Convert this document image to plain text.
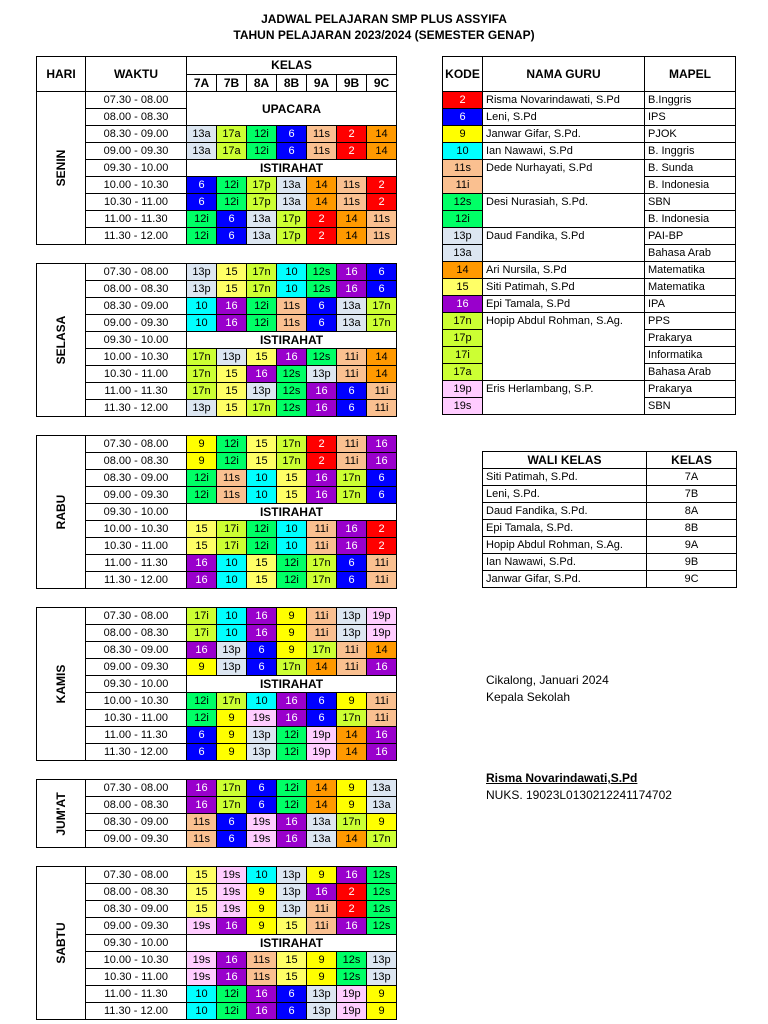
JADWAL PELAJARAN SMP PLUS ASSYIFA
TAHUN PELAJARAN 2023/2024 (SEMESTER GENAP)
HARI	WAKTU	KELAS						
		7A	7B	8A	8B	9A	9B	9C

SENIN	07.30 - 08.00	UPACARA						
	08.00 - 08.30							
	08.30 - 09.00	13a	17a	12i	6	11s	2	14
	09.00 - 09.30	13a	17a	12i	6	11s	2	14
	09.30 - 10.00	ISTIRAHAT						
	10.00 - 10.30	6	12i	17p	13a	14	11s	2
	10.30 - 11.00	6	12i	17p	13a	14	11s	2
	11.00 - 11.30	12i	6	13a	17p	2	14	11s
	11.30 - 12.00	12i	6	13a	17p	2	14	11s

SELASA	07.30 - 08.00	13p	15	17n	10	12s	16	6
	08.00 - 08.30	13p	15	17n	10	12s	16	6
	08.30 - 09.00	10	16	12i	11s	6	13a	17n
	09.00 - 09.30	10	16	12i	11s	6	13a	17n
	09.30 - 10.00	ISTIRAHAT						
	10.00 - 10.30	17n	13p	15	16	12s	11i	14
	10.30 - 11.00	17n	15	16	12s	13p	11i	14
	11.00 - 11.30	17n	15	13p	12s	16	6	11i
	11.30 - 12.00	13p	15	17n	12s	16	6	11i

RABU	07.30 - 08.00	9	12i	15	17n	2	11i	16
	08.00 - 08.30	9	12i	15	17n	2	11i	16
	08.30 - 09.00	12i	11s	10	15	16	17n	6
	09.00 - 09.30	12i	11s	10	15	16	17n	6
	09.30 - 10.00	ISTIRAHAT						
	10.00 - 10.30	15	17i	12i	10	11i	16	2
	10.30 - 11.00	15	17i	12i	10	11i	16	2
	11.00 - 11.30	16	10	15	12i	17n	6	11i
	11.30 - 12.00	16	10	15	12i	17n	6	11i

KAMIS	07.30 - 08.00	17i	10	16	9	11i	13p	19p
	08.00 - 08.30	17i	10	16	9	11i	13p	19p
	08.30 - 09.00	16	13p	6	9	17n	11i	14
	09.00 - 09.30	9	13p	6	17n	14	11i	16
	09.30 - 10.00	ISTIRAHAT						
	10.00 - 10.30	12i	17n	10	16	6	9	11i
	10.30 - 11.00	12i	9	19s	16	6	17n	11i
	11.00 - 11.30	6	9	13p	12i	19p	14	16
	11.30 - 12.00	6	9	13p	12i	19p	14	16

JUM'AT	07.30 - 08.00	16	17n	6	12i	14	9	13a
	08.00 - 08.30	16	17n	6	12i	14	9	13a
	08.30 - 09.00	11s	6	19s	16	13a	17n	9
	09.00 - 09.30	11s	6	19s	16	13a	14	17n

SABTU	07.30 - 08.00	15	19s	10	13p	9	16	12s
	08.00 - 08.30	15	19s	9	13p	16	2	12s
	08.30 - 09.00	15	19s	9	13p	11i	2	12s
	09.00 - 09.30	19s	16	9	15	11i	16	12s
	09.30 - 10.00	ISTIRAHAT						
	10.00 - 10.30	19s	16	11s	15	9	12s	13p
	10.30 - 11.00	19s	16	11s	15	9	12s	13p
	11.00 - 11.30	10	12i	16	6	13p	19p	9
	11.30 - 12.00	10	12i	16	6	13p	19p	9
KODE	NAMA GURU	MAPEL
2	Risma Novarindawati, S.Pd	B.Inggris
6	Leni, S.Pd	IPS
9	Janwar Gifar, S.Pd.	PJOK
10	Ian Nawawi, S.Pd	B. Inggris
11s	Dede Nurhayati, S.Pd	B. Sunda
11i		B. Indonesia
12s	Desi Nurasiah, S.Pd.	SBN
12i		B. Indonesia
13p	Daud Fandika, S.Pd	PAI-BP
13a		Bahasa Arab
14	Ari Nursila, S.Pd	Matematika
15	Siti Patimah, S.Pd	Matematika
16	Epi Tamala, S.Pd	IPA
17n	Hopip Abdul Rohman, S.Ag.	PPS
17p		Prakarya
17i		Informatika
17a		Bahasa Arab
19p	Eris Herlambang, S.P.	Prakarya
19s		SBN
WALI KELAS	KELAS
Siti Patimah, S.Pd.	7A
Leni, S.Pd.	7B
Daud Fandika, S.Pd.	8A
Epi Tamala, S.Pd.	8B
Hopip Abdul Rohman, S.Ag.	9A
Ian Nawawi, S.Pd.	9B
Janwar Gifar, S.Pd.	9C
Cikalong, Januari 2024
Kepala Sekolah
Risma Novarindawati,S.Pd
NUKS. 19023L0130212241174702
